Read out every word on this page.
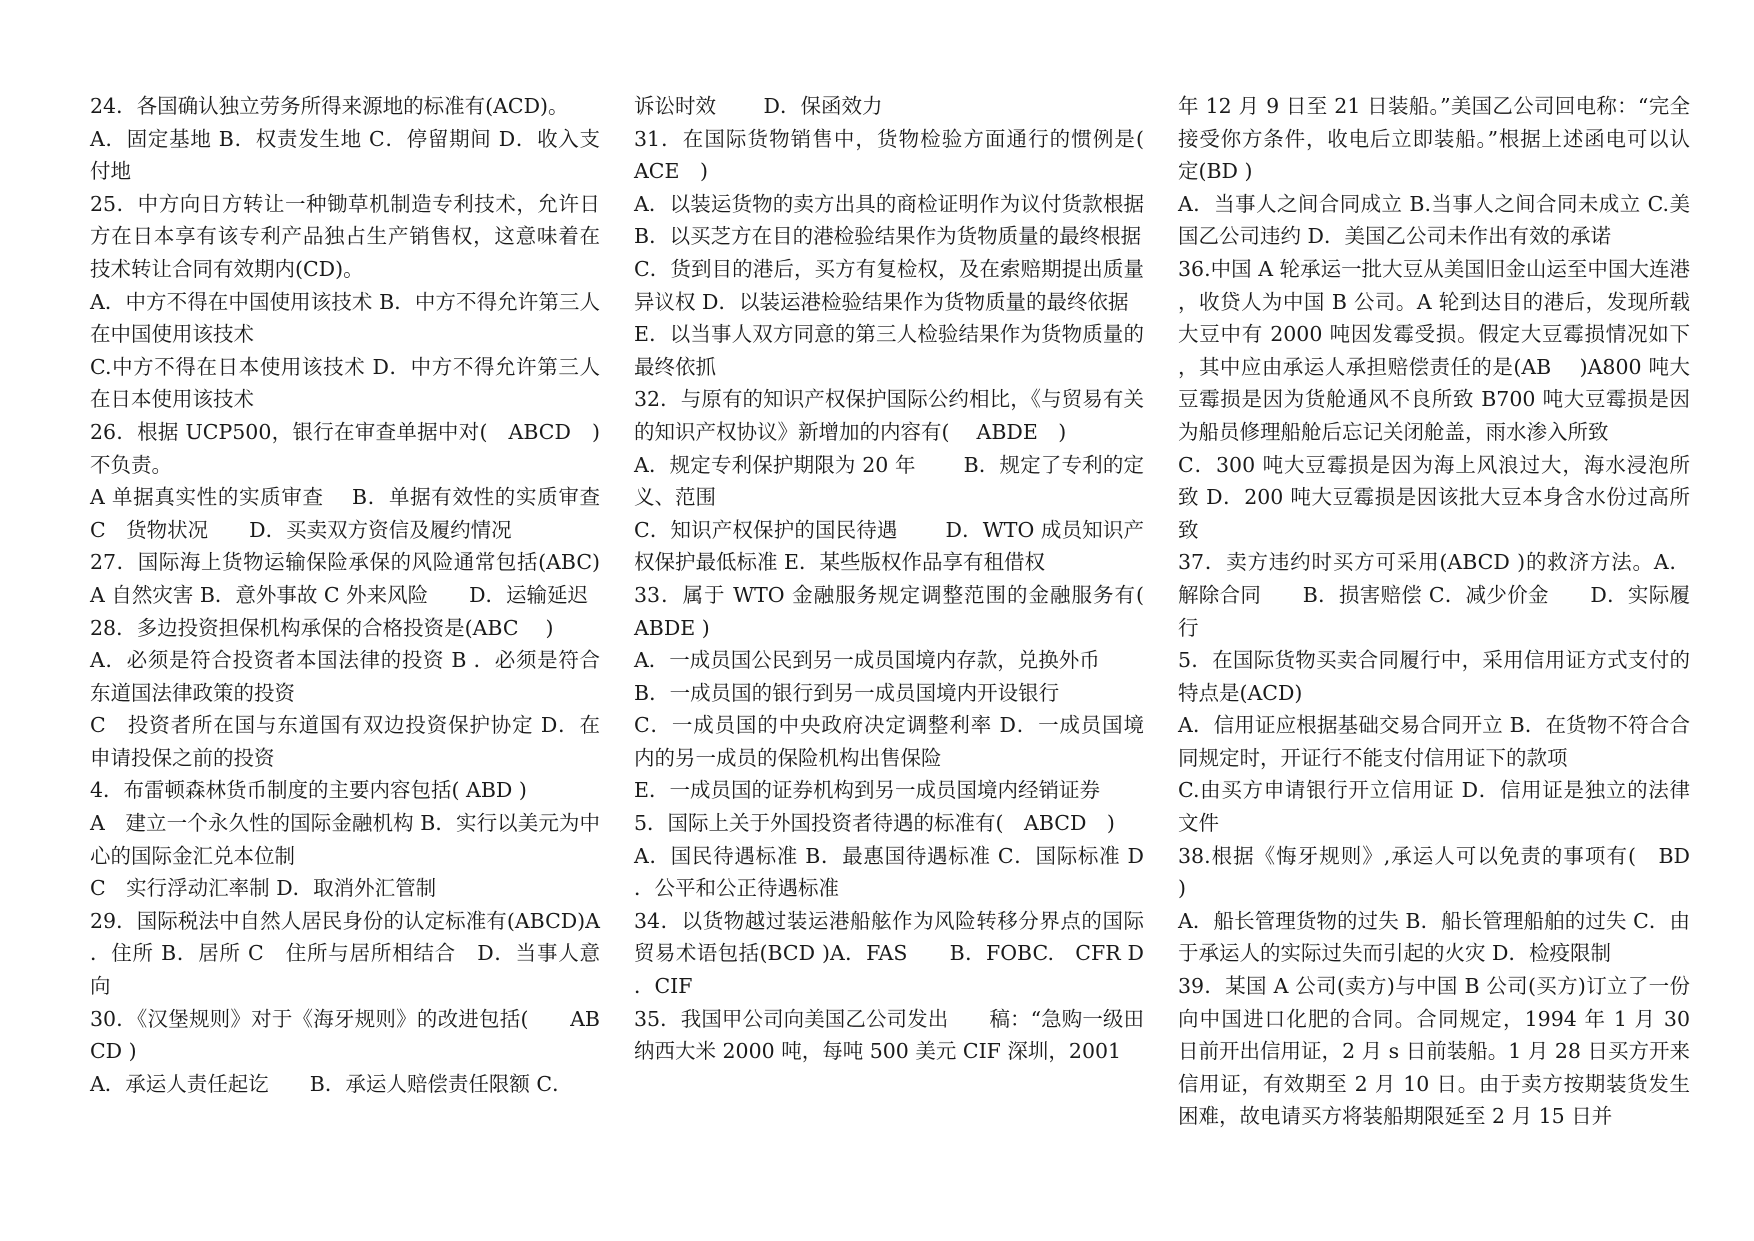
24．各国确认独立劳务所得来源地的标准有(ACD)。

A．固定基地 B．权责发生地 C．停留期间 D．收入支付地

25．中方向日方转让一种锄草机制造专利技术，允许日方在日本享有该专利产品独占生产销售权，这意味着在技术转让合同有效期内(CD)。

A．中方不得在中国使用该技术 B．中方不得允许第三人在中国使用该技术

C.中方不得在日本使用该技术 D．中方不得允许第三人在日本使用该技术

26．根据 UCP500，银行在审查单据中对(　ABCD　)不负责。

A 单据真实性的实质审查　 B．单据有效性的实质审查 C　货物状况　　D．买卖双方资信及履约情况

27．国际海上货物运输保险承保的风险通常包括(ABC)A 自然灾害 B．意外事故 C 外来风险　　D．运输延迟

28．多边投资担保机构承保的合格投资是(ABC　 )

A．必须是符合投资者本国法律的投资 B ．必须是符合东道国法律政策的投资

C　投资者所在国与东道国有双边投资保护协定 D．在申请投保之前的投资

4．布雷顿森林货币制度的主要内容包括( ABD )

A　建立一个永久性的国际金融机构 B．实行以美元为中心的国际金汇兑本位制

C　实行浮动汇率制 D．取消外汇管制

29．国际税法中自然人居民身份的认定标准有(ABCD)A．住所 B．居所 C　住所与居所相结合　D．当事人意向

30．《汉堡规则》对于《海牙规则》的改进包括(　　ABCD )

A．承运人责任起讫　　B．承运人赔偿责任限额 C．

诉讼时效　　 D．保函效力

31．在国际货物销售中，货物检验方面通行的惯例是(　 ACE　)

A．以装运货物的卖方出具的商检证明作为议付货款根据 B．以买芝方在目的港检验结果作为货物质量的最终根据

C．货到目的港后，买方有复检权，及在索赔期提出质量异议权 D．以装运港检验结果作为货物质量的最终依据

E．以当事人双方同意的第三人检验结果作为货物质量的最终依抓

32．与原有的知识产权保护国际公约相比，《与贸易有关的知识产权协议》新增加的内容有(　 ABDE　)

A．规定专利保护期限为 20 年　　 B．规定了专利的定义、范围

C．知识产权保护的国民待遇　　 D．WTO 成员知识产权保护最低标准 E．某些版权作品享有租借权

33．属于 WTO 金融服务规定调整范围的金融服务有(　 ABDE )

A．一成员国公民到另一成员国境内存款，兑换外币

B．一成员国的银行到另一成员国境内开设银行

C．一成员国的中央政府决定调整利率 D．一成员国境内的另一成员的保险机构出售保险

E．一成员国的证券机构到另一成员国境内经销证券

5．国际上关于外国投资者待遇的标准有(　ABCD　)

A．国民待遇标准 B．最惠国待遇标准 C．国际标准 D．公平和公正待遇标准

34．以货物越过装运港船舷作为风险转移分界点的国际贸易术语包括(BCD )A．FAS　　B．FOBC.　CFR D．CIF

35．我国甲公司向美国乙公司发出　　稿：“急购一级田纳西大米 2000 吨，每吨 500 美元 CIF 深圳，2001

年 12 月 9 日至 21 日装船。”美国乙公司回电称：“完全接受你方条件，收电后立即装船。”根据上述函电可以认定(BD )

A．当事人之间合同成立 B.当事人之间合同未成立 C.美国乙公司违约 D．美国乙公司未作出有效的承诺

36.中国 A 轮承运一批大豆从美国旧金山运至中国大连港，收贷人为中国 B 公司。A 轮到达目的港后，发现所载大豆中有 2000 吨因发霉受损。假定大豆霉损情况如下，其中应由承运人承担赔偿责任的是(AB　 )A800 吨大豆霉损是因为货舱通风不良所致 B700 吨大豆霉损是因为船员修理船舱后忘记关闭舱盖，雨水渗入所致

C．300 吨大豆霉损是因为海上风浪过大，海水浸泡所致 D．200 吨大豆霉损是因该批大豆本身含水份过高所致

37．卖方违约时买方可采用(ABCD )的救济方法。A．解除合同　　B．损害赔偿 C．减少价金　　D．实际履行

5．在国际货物买卖合同履行中，采用信用证方式支付的特点是(ACD)

A．信用证应根据基础交易合同开立 B．在货物不符合合同规定时，开证行不能支付信用证下的款项

C.由买方申请银行开立信用证 D．信用证是独立的法律文件

38.根据《悔牙规则》,承运人可以免责的事项有(　BD　)

A．船长管理货物的过失 B．船长管理船舶的过失 C．由于承运人的实际过失而引起的火灾 D．检疫限制

39．某国 A 公司(卖方)与中国 B 公司(买方)订立了一份向中国进口化肥的合同。合同规定，1994 年 1 月 30 日前开出信用证，2 月 s 日前装船。1 月 28 日买方开来信用证，有效期至 2 月 10 日。由于卖方按期装货发生困难，故电请买方将装船期限延至 2 月 15 日并
